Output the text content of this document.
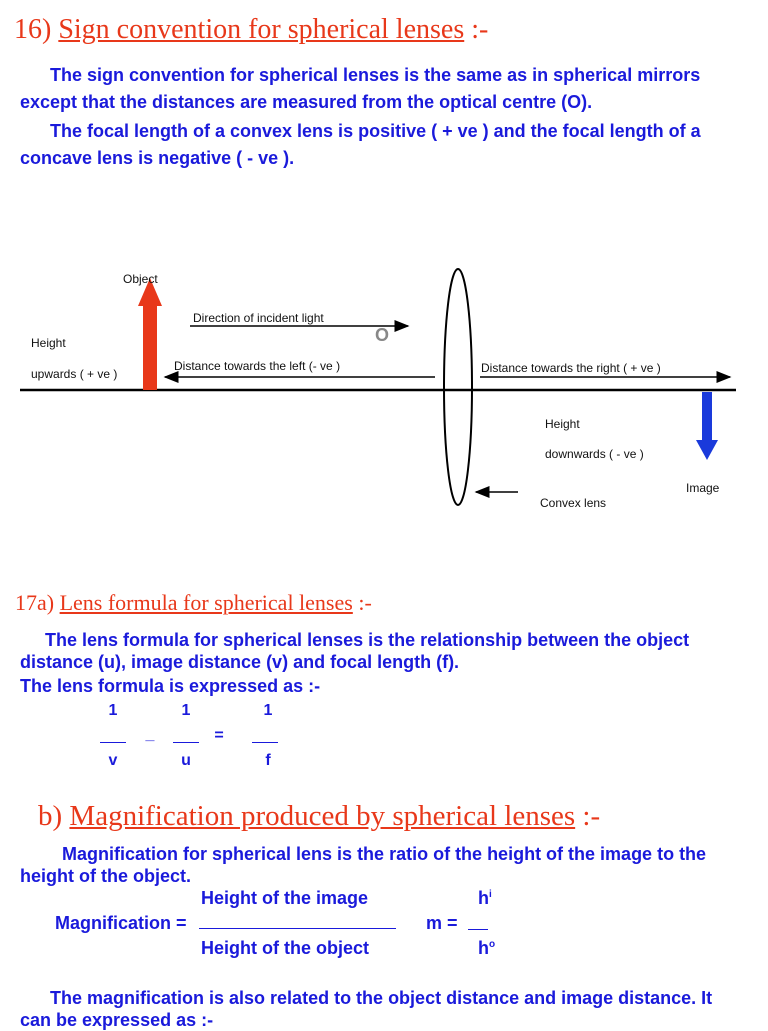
16) Sign convention for spherical lenses :-
The sign convention for spherical lenses is the same as in spherical mirrors
except that the distances are measured from the optical centre (O).
The focal length of a convex lens is positive ( + ve ) and the focal length of a
concave lens is negative ( - ve ).
Object
Direction of incident light
O
Height
upwards ( + ve )
Distance towards the left (- ve )	Distance towards the right ( + ve )
Height
downwards ( - ve )
Image
Convex lens
17a) Lens formula for spherical lenses :-
The lens formula for spherical lenses is the relationship between the object
distance (u), image distance (v) and focal length (f).
The lens formula is expressed as :-
1
v
_
1
u
=
1
f
b) Magnification produced by spherical lenses :-
Magnification for spherical lens is the ratio of the height of the image to the
height of the object.
Magnification =
Height of the image
Height of the object
m =
$h^i$
$h^o$
The magnification is also related to the object distance and image distance. It
can be expressed as :-
